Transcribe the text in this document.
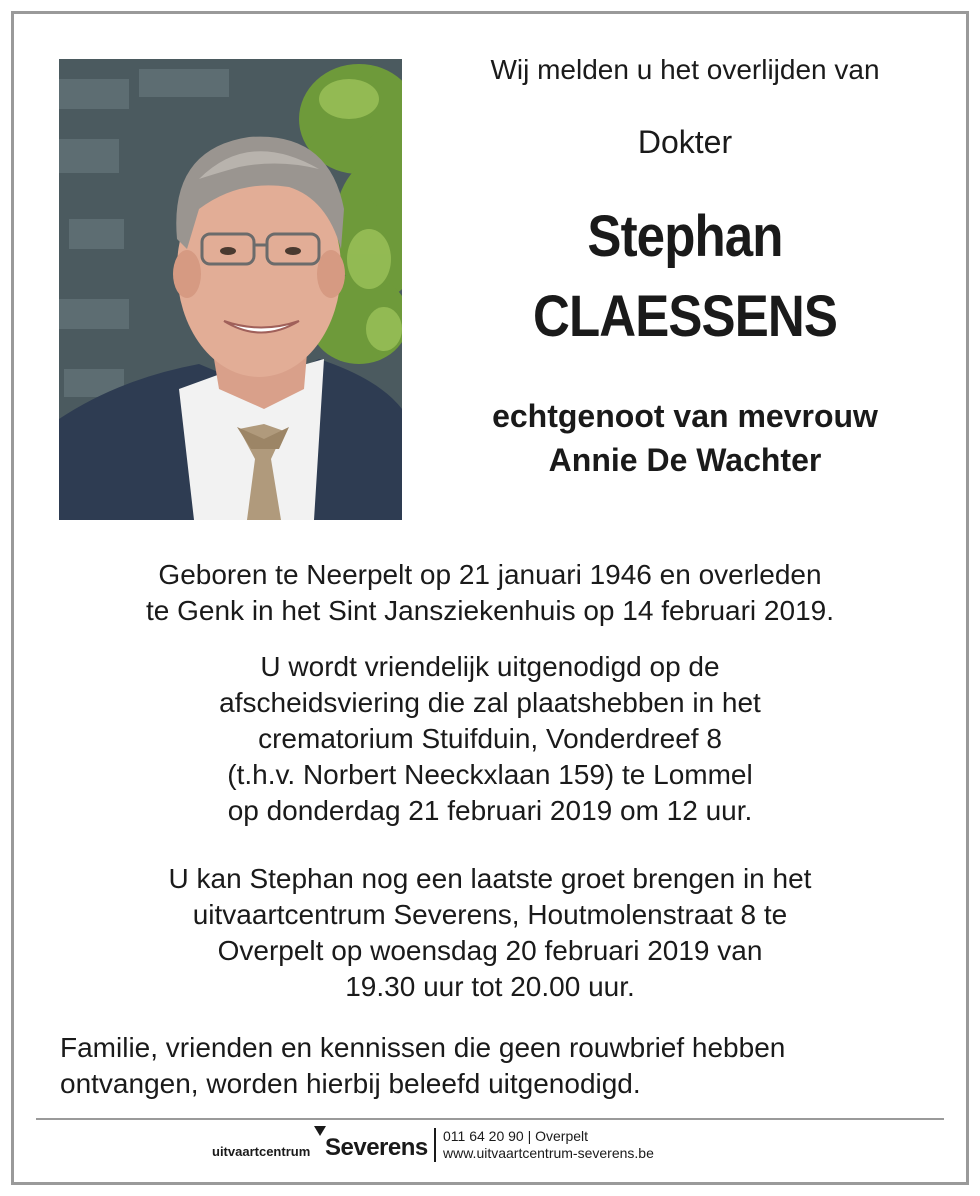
Wij melden u het overlijden van
Dokter
Stephan
CLAESSENS
echtgenoot van mevrouw
Annie De Wachter
Geboren te Neerpelt op 21 januari 1946 en overleden
te Genk in het Sint Jansziekenhuis op 14 februari 2019.
U wordt vriendelijk uitgenodigd op de
afscheidsviering die zal plaatshebben in het
crematorium Stuifduin, Vonderdreef 8
(t.h.v. Norbert Neeckxlaan 159) te Lommel
op donderdag 21 februari 2019 om 12 uur.
U kan Stephan nog een laatste groet brengen in het
uitvaartcentrum Severens, Houtmolenstraat 8 te
Overpelt op woensdag 20 februari 2019 van
19.30 uur tot 20.00 uur.
Familie, vrienden en kennissen die geen rouwbrief hebben
ontvangen, worden hierbij beleefd uitgenodigd.
uitvaartcentrum Severens 011 64 20 90 | Overpelt
www.uitvaartcentrum-severens.be
